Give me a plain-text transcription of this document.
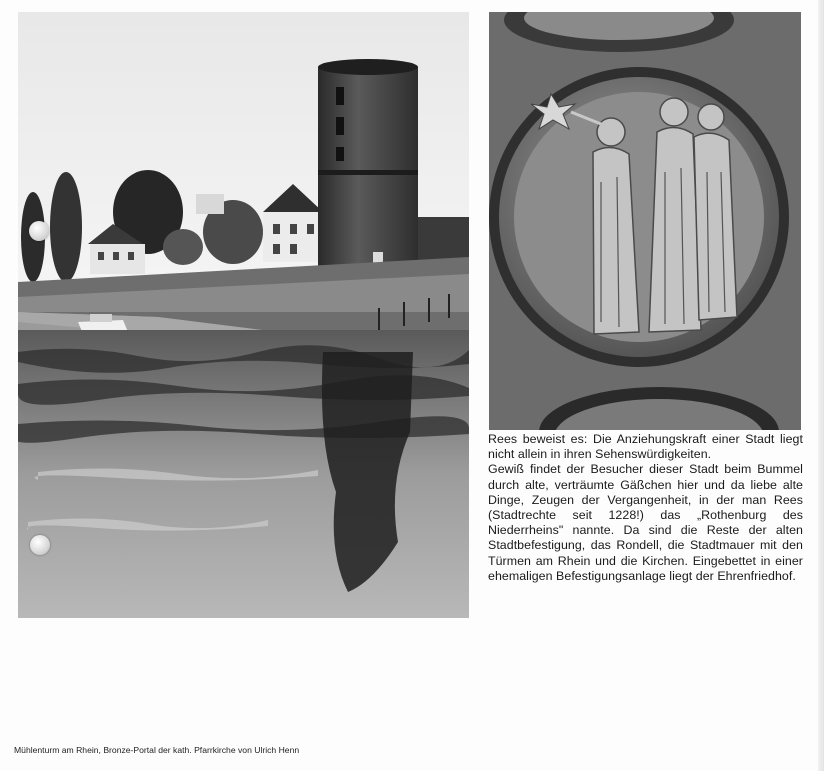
Rees beweist es: Die Anziehungskraft einer Stadt liegt nicht allein in ihren Sehenswürdigkeiten.

Gewiß findet der Besucher dieser Stadt beim Bummel durch alte, verträumte Gäßchen hier und da liebe alte Dinge, Zeugen der Vergangenheit, in der man Rees (Stadtrechte seit 1228!) das „Rothenburg des Niederrheins" nannte. Da sind die Reste der alten Stadtbefestigung, das Rondell, die Stadtmauer mit den Türmen am Rhein und die Kirchen. Eingebettet in einer ehemaligen Befestigungsanlage liegt der Ehrenfriedhof.

Mühlenturm am Rhein, Bronze-Portal der kath. Pfarrkirche von Ulrich Henn
